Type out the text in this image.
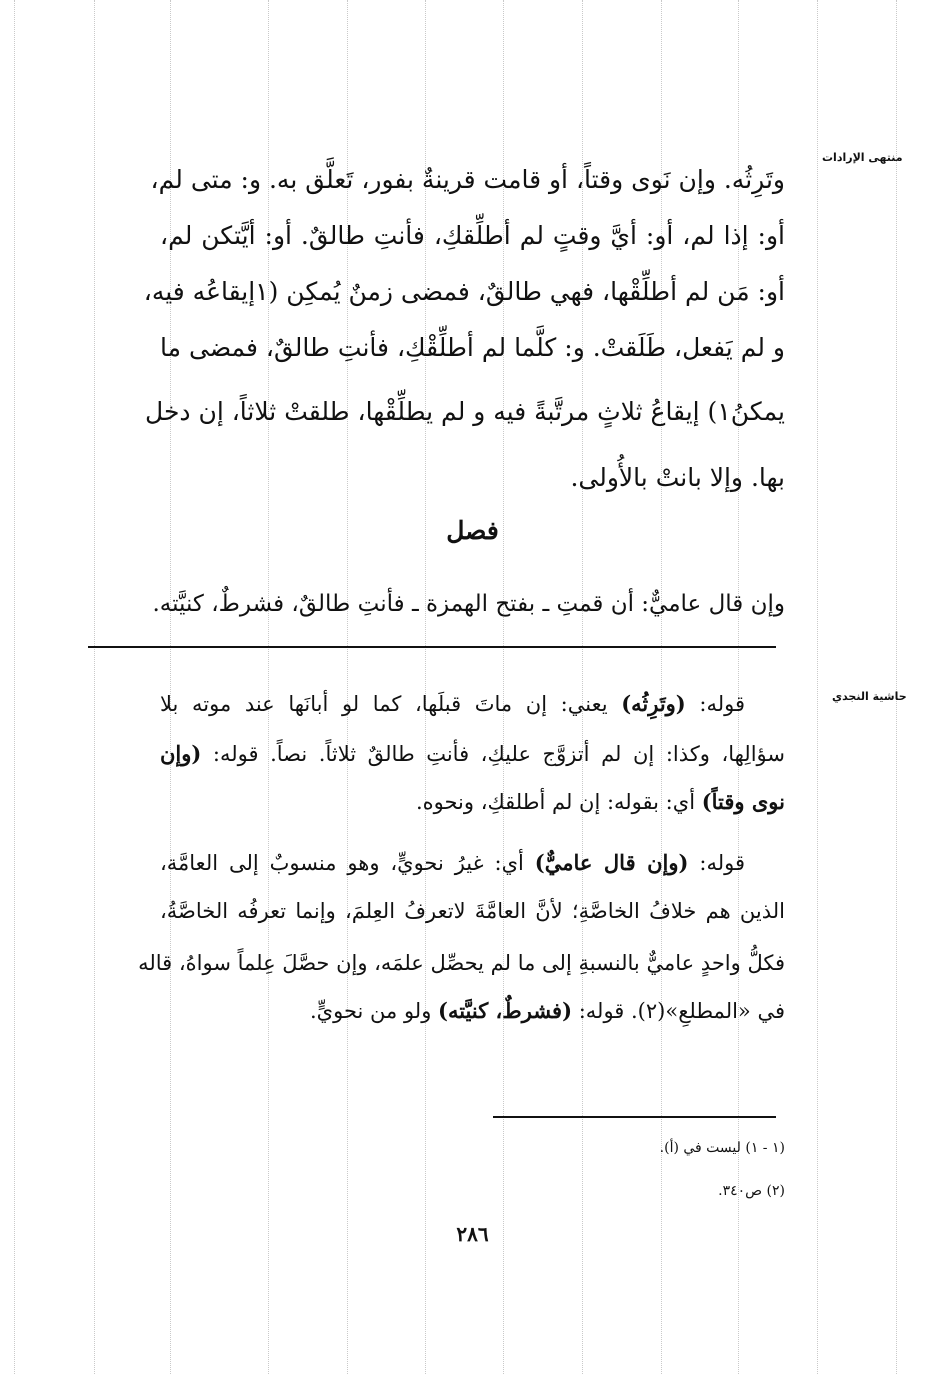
منتهى الإرادات
حاشية النجدي
وتَرِثُه. وإن نَوى وقتاً، أو قامت قرينةٌ بفور، تَعلَّق به. و: متى لم،
أو: إذا لم، أو: أيَّ وقتٍ لم أطلِّقكِ، فأنتِ طالقٌ. أو: أيَّتكن لم،
أو: مَن لم أطلِّقْها، فهي طالقٌ، فمضى زمنٌ يُمكِن (١إيقاعُه فيه،
و لم يَفعل، طَلَقتْ. و: كلَّما لم أطلِّقْكِ، فأنتِ طالقٌ، فمضى ما
يمكنُ١) إيقاعُ ثلاثٍ مرتَّبةً فيه و لم يطلِّقْها، طلقتْ ثلاثاً، إن دخل
بها. وإلا بانتْ بالأُولى.
فصل
وإن قال عاميٌّ: أن قمتِ ـ بفتح الهمزة ـ فأنتِ طالقٌ، فشرطٌ، كنيَّته.
قوله: (وتَرِثُه) يعني: إن ماتَ قبلَها، كما لو أبانَها عند موته بلا
سؤالِها، وكذا: إن لم أتزوَّج عليكِ، فأنتِ طالقٌ ثلاثاً. نصاً. قوله: (وإن
نوى وقتاً) أي: بقوله: إن لم أطلقكِ، ونحوه.
قوله: (وإن قال عاميٌّ) أي: غيرُ نحويٍّ، وهو منسوبٌ إلى العامَّة،
الذين هم خلافُ الخاصَّةِ؛ لأنَّ العامَّةَ لاتعرفُ العِلمَ، وإنما تعرفُه الخاصَّةُ،
فكلُّ واحدٍ عاميٌّ بالنسبةِ إلى ما لم يحصِّل علمَه، وإن حصَّلَ عِلماً سواهُ، قاله
في «المطلعِ»(٢). قوله: (فشرطٌ، كنيَّته) ولو من نحويٍّ.
(١ - ١) ليست في (أ).
(٢) ص٣٤٠.
٢٨٦
